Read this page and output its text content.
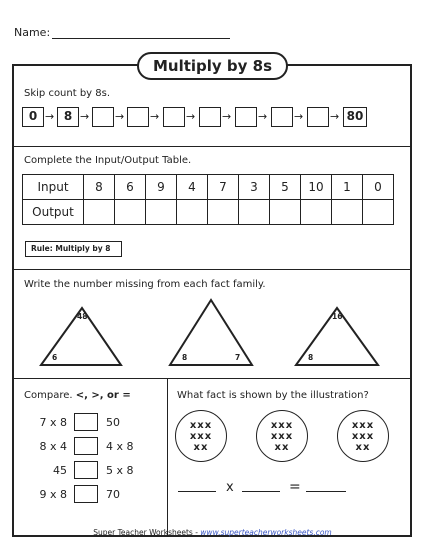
Name:
Multiply by 8s
Skip count by 8s.
0 → 8 → → → → → → → → 80
Complete the Input/Output Table.
Input	8	6	9	4	7	3	5	10	1	0
Output										
Rule: Multiply by 8
Write the number missing from each fact family.
48
6	8	7
16
8
Compare. <, >, or =
7 x 8	50
8 x 4	4 x 8
45	5 x 8
9 x 8	70
What fact is shown by the illustration?
xxx
xxx
xx
xxx
xxx
xx
xxx
xxx
xx
x	=
Super Teacher Worksheets - www.superteacherworksheets.com
